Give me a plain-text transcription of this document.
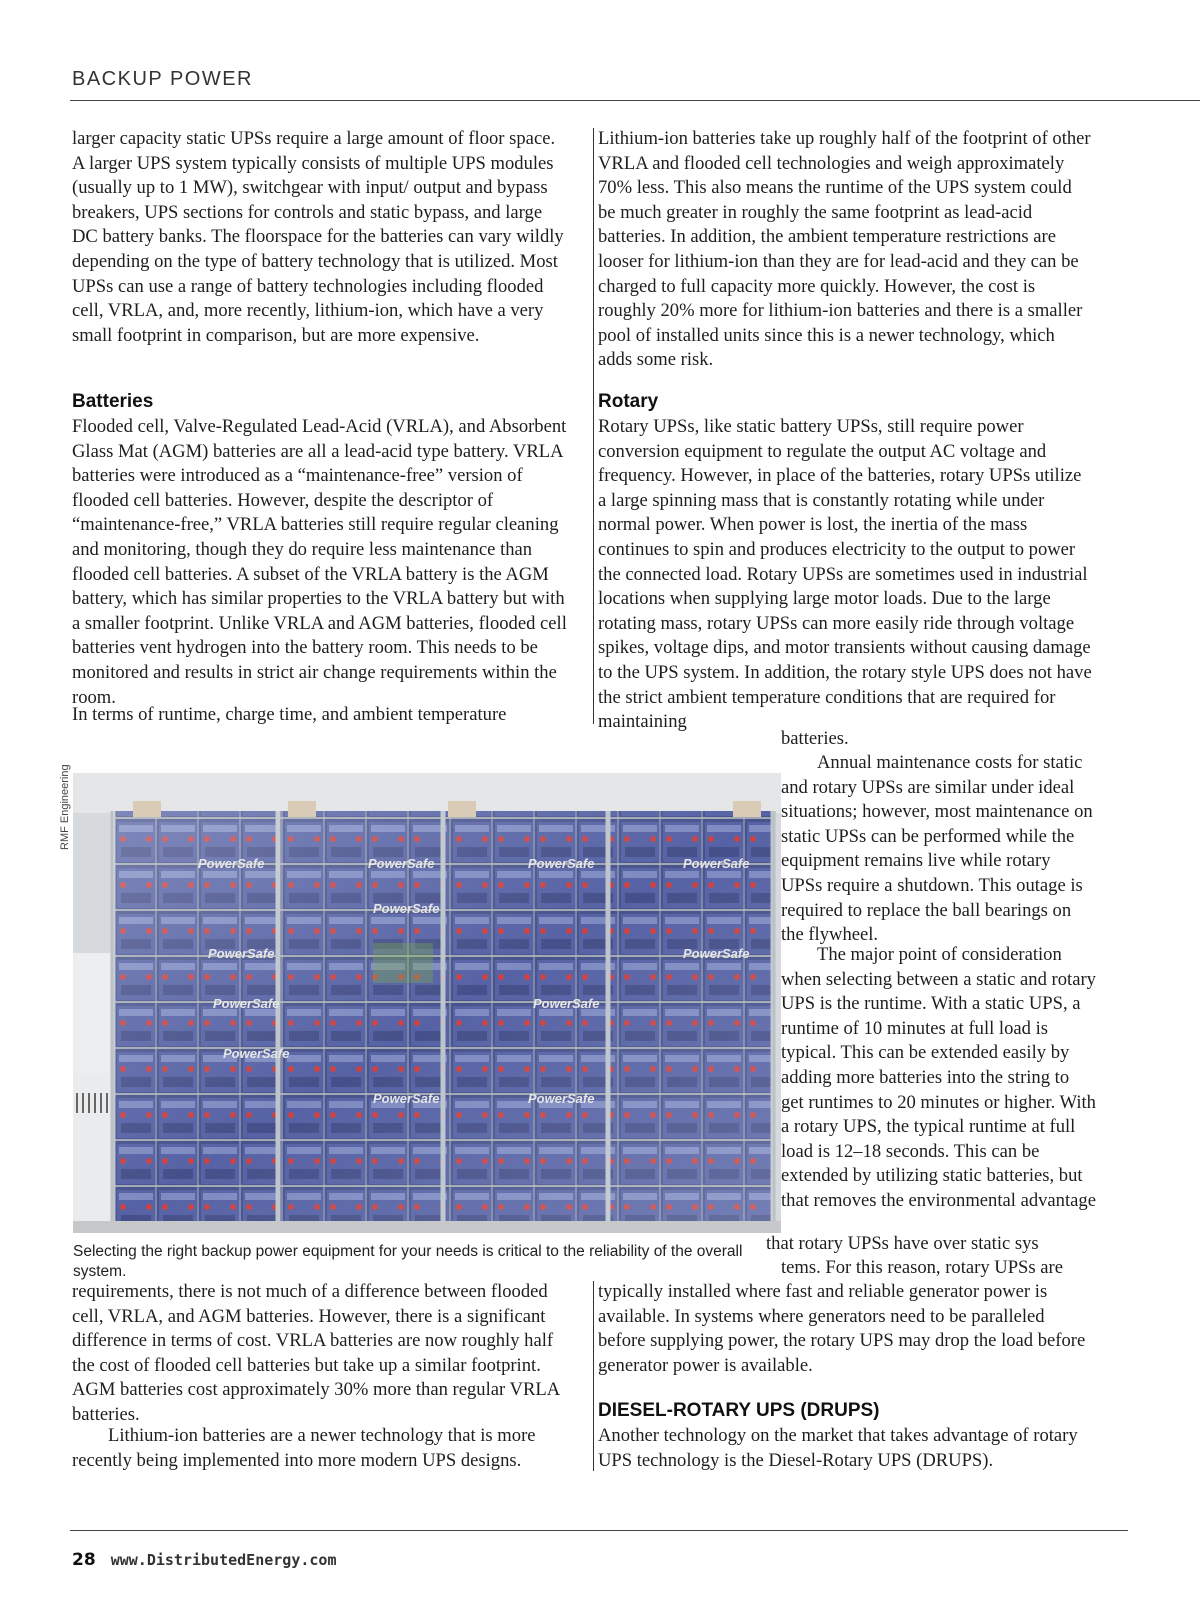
BACKUP POWER

larger capacity static UPSs require a large amount of floor space. A larger UPS system typically consists of multiple UPS modules (usually up to 1 MW), switchgear with input/ output and bypass breakers, UPS sections for controls and static bypass, and large DC battery banks. The floorspace for the batteries can vary wildly depending on the type of battery technology that is utilized. Most UPSs can use a range of battery technologies including flooded cell, VRLA, and, more recently, lithium-ion, which have a very small footprint in comparison, but are more expensive.

Batteries

Flooded cell, Valve-Regulated Lead-Acid (VRLA), and Absorbent Glass Mat (AGM) batteries are all a lead-acid type battery. VRLA batteries were introduced as a “maintenance-free” version of flooded cell batteries. However, despite the descriptor of “maintenance-free,” VRLA batteries still require regular cleaning and monitoring, though they do require less maintenance than flooded cell batteries. A subset of the VRLA battery is the AGM battery, which has similar properties to the VRLA battery but with a smaller footprint. Unlike VRLA and AGM batteries, flooded cell batteries vent hydrogen into the battery room. This needs to be monitored and results in strict air change requirements within the room.

In terms of runtime, charge time, and ambient temperature

requirements, there is not much of a difference between flooded cell, VRLA, and AGM batteries. However, there is a significant difference in terms of cost. VRLA batteries are now roughly half the cost of flooded cell batteries but take up a similar footprint. AGM batteries cost approximately 30% more than regular VRLA batteries.

Lithium-ion batteries are a newer technology that is more recently being implemented into more modern UPS designs.

Lithium-ion batteries take up roughly half of the footprint of other VRLA and flooded cell technologies and weigh approximately 70% less. This also means the runtime of the UPS system could be much greater in roughly the same footprint as lead-acid batteries. In addition, the ambient temperature restrictions are looser for lithium-ion than they are for lead-acid and they can be charged to full capacity more quickly. However, the cost is roughly 20% more for lithium-ion batteries and there is a smaller pool of installed units since this is a newer technology, which adds some risk.

Rotary

Rotary UPSs, like static battery UPSs, still require power conversion equipment to regulate the output AC voltage and frequency. However, in place of the batteries, rotary UPSs utilize a large spinning mass that is constantly rotating while under normal power. When power is lost, the inertia of the mass continues to spin and produces electricity to the output to power the connected load. Rotary UPSs are sometimes used in industrial locations when supplying large motor loads. Due to the large rotating mass, rotary UPSs can more easily ride through voltage spikes, voltage dips, and motor transients without causing damage to the UPS system. In addition, the rotary style UPS does not have the strict ambient temperature conditions that are required for maintaining

batteries.

Annual maintenance costs for static and rotary UPSs are similar under ideal situations; however, most maintenance on static UPSs can be performed while the equipment remains live while rotary UPSs require a shutdown. This outage is required to replace the ball bearings on the flywheel.

The major point of consideration when selecting between a static and rotary UPS is the runtime. With a static UPS, a runtime of 10 minutes at full load is typical. This can be extended easily by adding more batteries into the string to get runtimes to 20 minutes or higher. With a rotary UPS, the typical runtime at full load is 12–18 seconds. This can be extended by utilizing static batteries, but that removes the environmental advantage

that rotary UPSs have over static sys

tems. For this reason, rotary UPSs are

typically installed where fast and reliable generator power is available. In systems where generators need to be paralleled before supplying power, the rotary UPS may drop the load before generator power is available.

DIESEL-ROTARY UPS (DRUPS)

Another technology on the market that takes advantage of rotary UPS technology is the Diesel-Rotary UPS (DRUPS).

RMF Engineering
PowerSafe	PowerSafe	PowerSafe	PowerSafe
PowerSafe
PowerSafe
PowerSafe
PowerSafe	PowerSafe
PowerSafe
PowerSafe	PowerSafe

Selecting the right backup power equipment for your needs is critical to the reliability of the overall system.

28 www.DistributedEnergy.com
